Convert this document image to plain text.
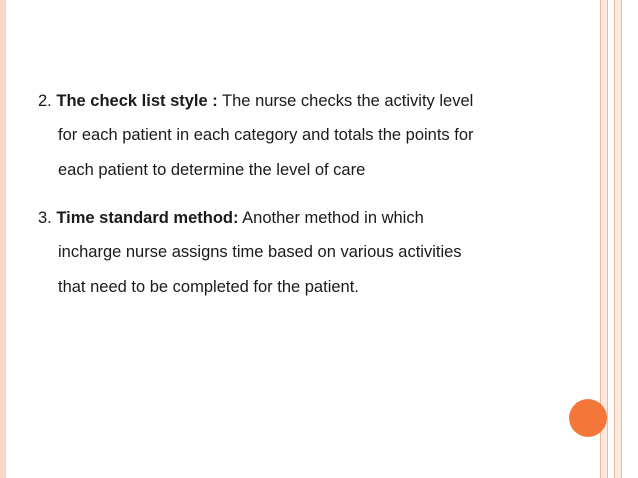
2. The check list style : The nurse checks the activity level

for each patient in each category and totals the points for

each patient to determine the level of care

3. Time standard method: Another method in which

incharge nurse assigns time based on various activities

that need to be completed for the patient.
